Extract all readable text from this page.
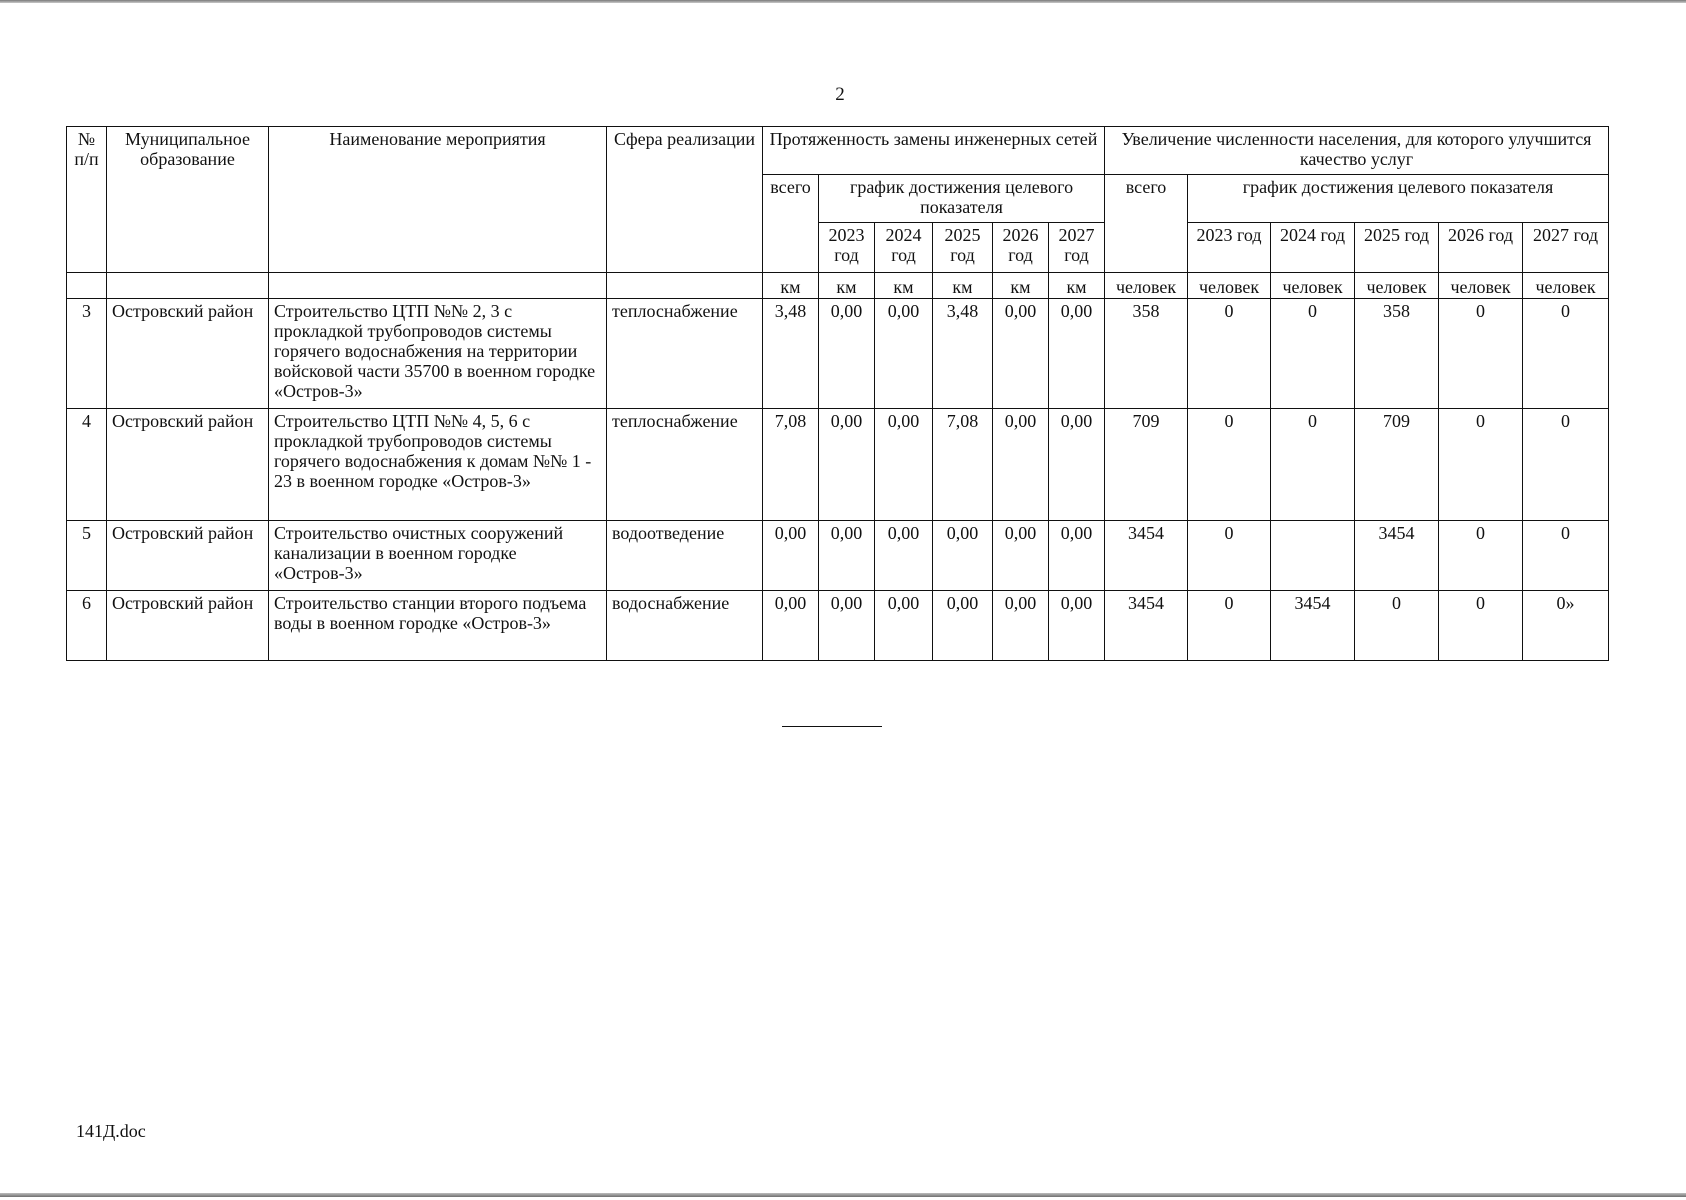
2
№ п/п	Муниципальное образование	Наименование мероприятия	Сфера реализации	Протяженность замены инженерных сетей						Увеличение численности населения, для которого улучшится качество услуг					
				всего	график достижения целевого показателя					всего	график достижения целевого показателя				
					2023 год	2024 год	2025 год	2026 год	2027 год		2023 год	2024 год	2025 год	2026 год	2027 год
				км	км	км	км	км	км	человек	человек	человек	человек	человек	человек
3	Островский район	Строительство ЦТП №№ 2, 3 с прокладкой трубопроводов системы горячего водоснабжения на территории войсковой части 35700 в военном городке «Остров-3»	теплоснабжение	3,48	0,00	0,00	3,48	0,00	0,00	358	0	0	358	0	0
4	Островский район	Строительство ЦТП №№ 4, 5, 6 с прокладкой трубопроводов системы горячего водоснабжения к домам №№ 1 - 23 в военном городке «Остров-3»	теплоснабжение	7,08	0,00	0,00	7,08	0,00	0,00	709	0	0	709	0	0
5	Островский район	Строительство очистных сооружений канализации в военном городке «Остров-3»	водоотведение	0,00	0,00	0,00	0,00	0,00	0,00	3454	0		3454	0	0
6	Островский район	Строительство станции второго подъема воды в военном городке «Остров-3»	водоснабжение	0,00	0,00	0,00	0,00	0,00	0,00	3454	0	3454	0	0	0»
141Д.doc
